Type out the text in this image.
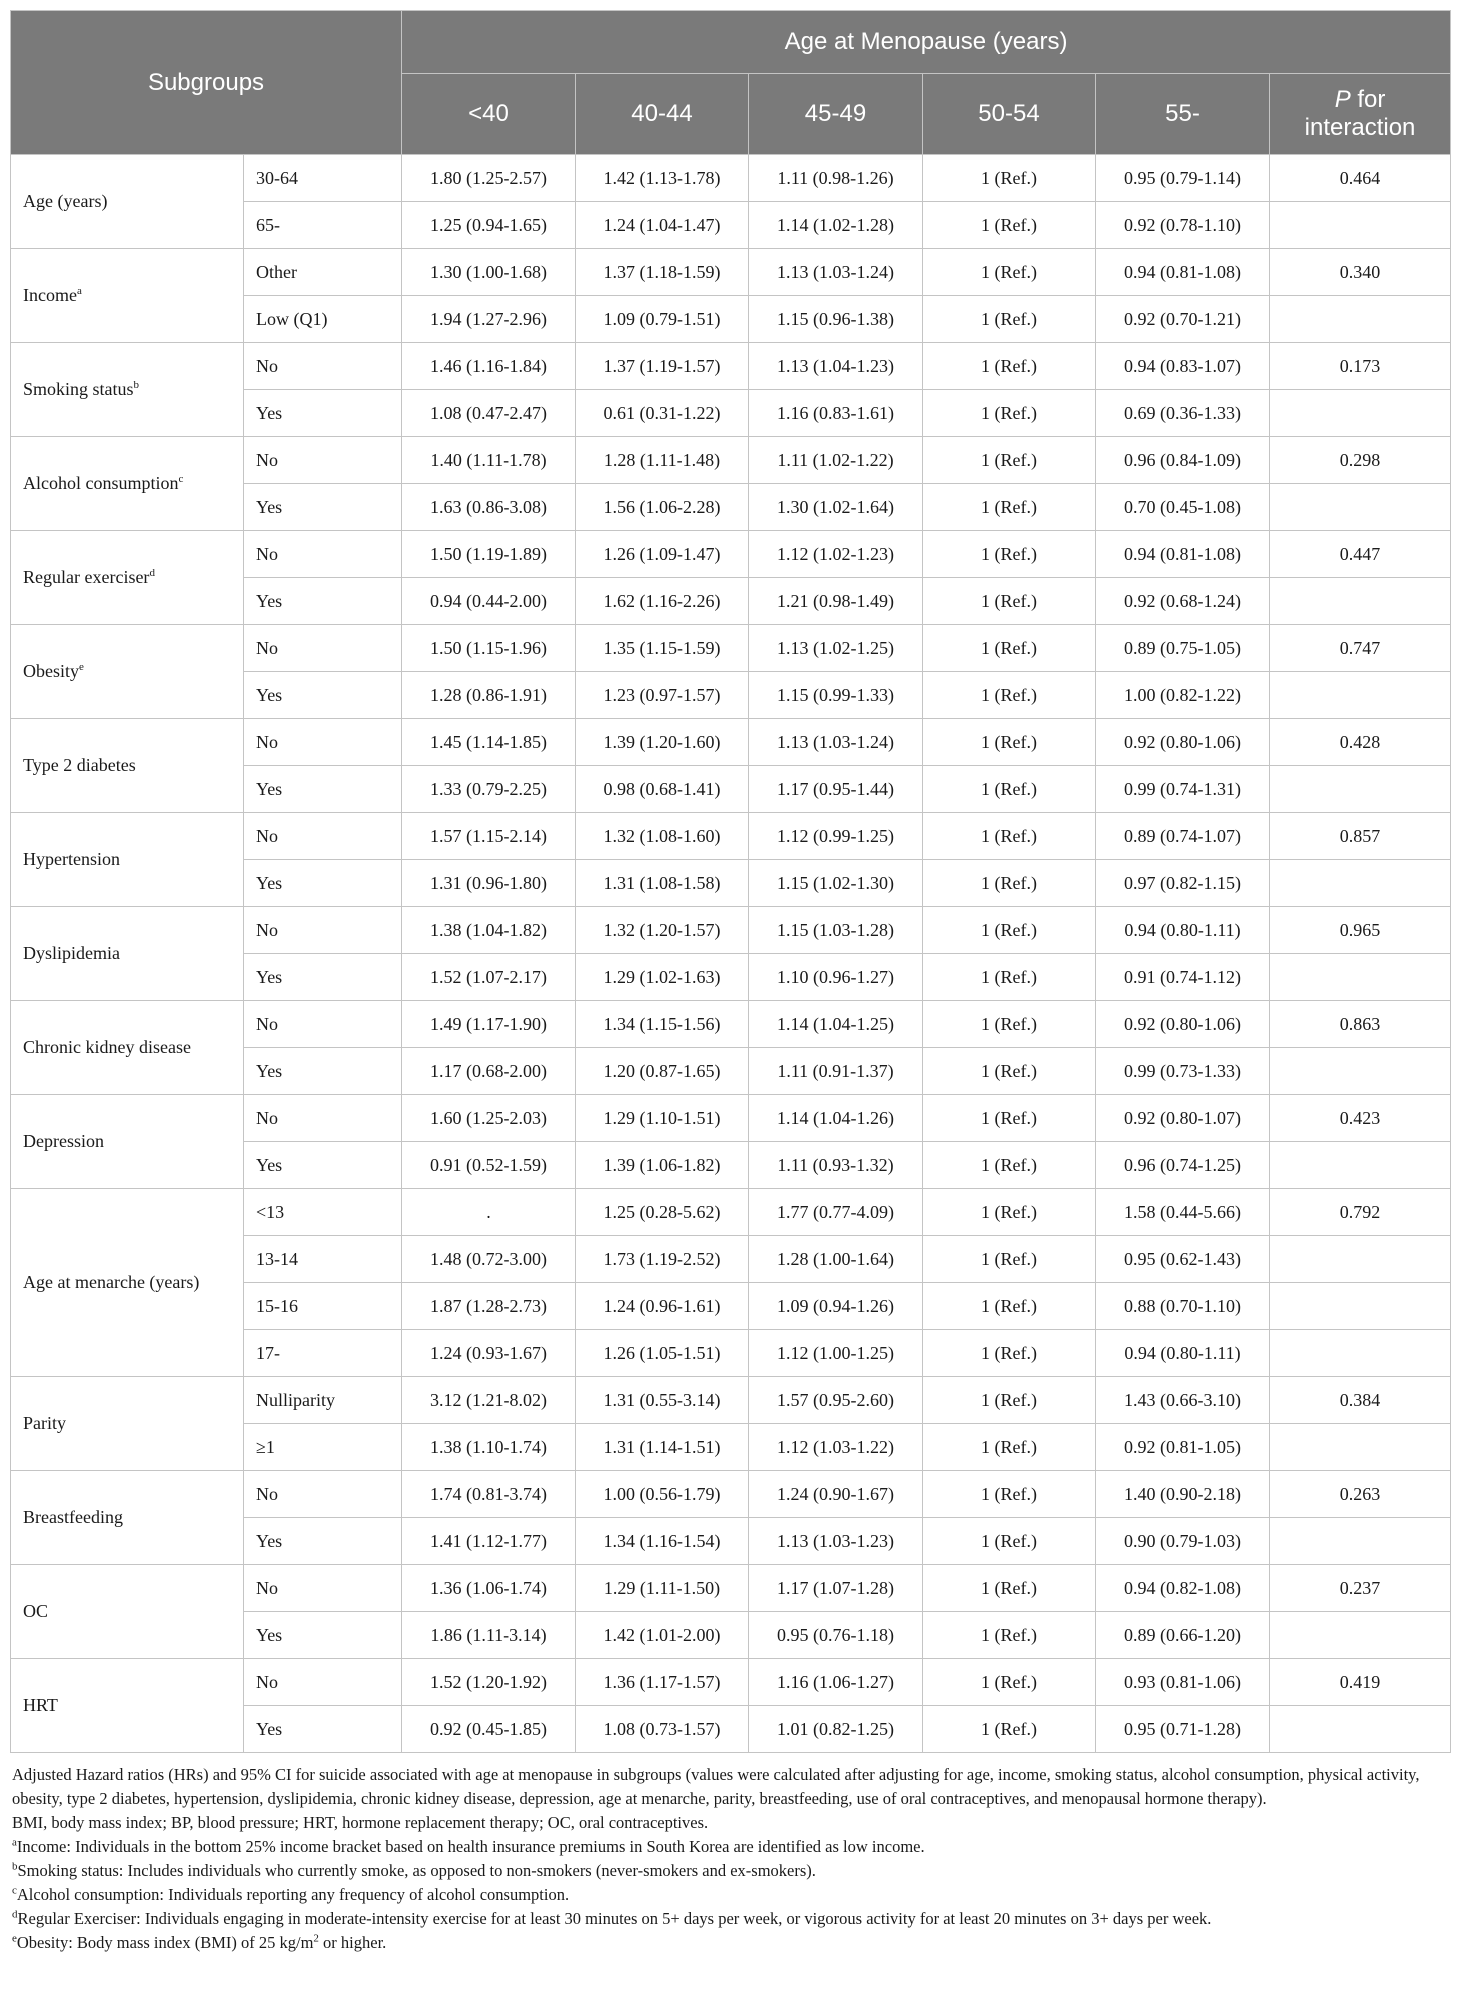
Subgroups		Age at Menopause (years)					
		<40	40-44	45-49	50-54	55-	P for
interaction
Age (years)	30-64	1.80 (1.25-2.57)	1.42 (1.13-1.78)	1.11 (0.98-1.26)	1 (Ref.)	0.95 (0.79-1.14)	0.464
	65-	1.25 (0.94-1.65)	1.24 (1.04-1.47)	1.14 (1.02-1.28)	1 (Ref.)	0.92 (0.78-1.10)	
Income$^a$	Other	1.30 (1.00-1.68)	1.37 (1.18-1.59)	1.13 (1.03-1.24)	1 (Ref.)	0.94 (0.81-1.08)	0.340
	Low (Q1)	1.94 (1.27-2.96)	1.09 (0.79-1.51)	1.15 (0.96-1.38)	1 (Ref.)	0.92 (0.70-1.21)	
Smoking status$^b$	No	1.46 (1.16-1.84)	1.37 (1.19-1.57)	1.13 (1.04-1.23)	1 (Ref.)	0.94 (0.83-1.07)	0.173
	Yes	1.08 (0.47-2.47)	0.61 (0.31-1.22)	1.16 (0.83-1.61)	1 (Ref.)	0.69 (0.36-1.33)	
Alcohol consumption$^c$	No	1.40 (1.11-1.78)	1.28 (1.11-1.48)	1.11 (1.02-1.22)	1 (Ref.)	0.96 (0.84-1.09)	0.298
	Yes	1.63 (0.86-3.08)	1.56 (1.06-2.28)	1.30 (1.02-1.64)	1 (Ref.)	0.70 (0.45-1.08)	
Regular exerciser$^d$	No	1.50 (1.19-1.89)	1.26 (1.09-1.47)	1.12 (1.02-1.23)	1 (Ref.)	0.94 (0.81-1.08)	0.447
	Yes	0.94 (0.44-2.00)	1.62 (1.16-2.26)	1.21 (0.98-1.49)	1 (Ref.)	0.92 (0.68-1.24)	
Obesity$^e$	No	1.50 (1.15-1.96)	1.35 (1.15-1.59)	1.13 (1.02-1.25)	1 (Ref.)	0.89 (0.75-1.05)	0.747
	Yes	1.28 (0.86-1.91)	1.23 (0.97-1.57)	1.15 (0.99-1.33)	1 (Ref.)	1.00 (0.82-1.22)	
Type 2 diabetes	No	1.45 (1.14-1.85)	1.39 (1.20-1.60)	1.13 (1.03-1.24)	1 (Ref.)	0.92 (0.80-1.06)	0.428
	Yes	1.33 (0.79-2.25)	0.98 (0.68-1.41)	1.17 (0.95-1.44)	1 (Ref.)	0.99 (0.74-1.31)	
Hypertension	No	1.57 (1.15-2.14)	1.32 (1.08-1.60)	1.12 (0.99-1.25)	1 (Ref.)	0.89 (0.74-1.07)	0.857
	Yes	1.31 (0.96-1.80)	1.31 (1.08-1.58)	1.15 (1.02-1.30)	1 (Ref.)	0.97 (0.82-1.15)	
Dyslipidemia	No	1.38 (1.04-1.82)	1.32 (1.20-1.57)	1.15 (1.03-1.28)	1 (Ref.)	0.94 (0.80-1.11)	0.965
	Yes	1.52 (1.07-2.17)	1.29 (1.02-1.63)	1.10 (0.96-1.27)	1 (Ref.)	0.91 (0.74-1.12)	
Chronic kidney disease	No	1.49 (1.17-1.90)	1.34 (1.15-1.56)	1.14 (1.04-1.25)	1 (Ref.)	0.92 (0.80-1.06)	0.863
	Yes	1.17 (0.68-2.00)	1.20 (0.87-1.65)	1.11 (0.91-1.37)	1 (Ref.)	0.99 (0.73-1.33)	
Depression	No	1.60 (1.25-2.03)	1.29 (1.10-1.51)	1.14 (1.04-1.26)	1 (Ref.)	0.92 (0.80-1.07)	0.423
	Yes	0.91 (0.52-1.59)	1.39 (1.06-1.82)	1.11 (0.93-1.32)	1 (Ref.)	0.96 (0.74-1.25)	
Age at menarche (years)	<13	.	1.25 (0.28-5.62)	1.77 (0.77-4.09)	1 (Ref.)	1.58 (0.44-5.66)	0.792
	13-14	1.48 (0.72-3.00)	1.73 (1.19-2.52)	1.28 (1.00-1.64)	1 (Ref.)	0.95 (0.62-1.43)	
	15-16	1.87 (1.28-2.73)	1.24 (0.96-1.61)	1.09 (0.94-1.26)	1 (Ref.)	0.88 (0.70-1.10)	
	17-	1.24 (0.93-1.67)	1.26 (1.05-1.51)	1.12 (1.00-1.25)	1 (Ref.)	0.94 (0.80-1.11)	
Parity	Nulliparity	3.12 (1.21-8.02)	1.31 (0.55-3.14)	1.57 (0.95-2.60)	1 (Ref.)	1.43 (0.66-3.10)	0.384
	≥1	1.38 (1.10-1.74)	1.31 (1.14-1.51)	1.12 (1.03-1.22)	1 (Ref.)	0.92 (0.81-1.05)	
Breastfeeding	No	1.74 (0.81-3.74)	1.00 (0.56-1.79)	1.24 (0.90-1.67)	1 (Ref.)	1.40 (0.90-2.18)	0.263
	Yes	1.41 (1.12-1.77)	1.34 (1.16-1.54)	1.13 (1.03-1.23)	1 (Ref.)	0.90 (0.79-1.03)	
OC	No	1.36 (1.06-1.74)	1.29 (1.11-1.50)	1.17 (1.07-1.28)	1 (Ref.)	0.94 (0.82-1.08)	0.237
	Yes	1.86 (1.11-3.14)	1.42 (1.01-2.00)	0.95 (0.76-1.18)	1 (Ref.)	0.89 (0.66-1.20)	
HRT	No	1.52 (1.20-1.92)	1.36 (1.17-1.57)	1.16 (1.06-1.27)	1 (Ref.)	0.93 (0.81-1.06)	0.419
	Yes	0.92 (0.45-1.85)	1.08 (0.73-1.57)	1.01 (0.82-1.25)	1 (Ref.)	0.95 (0.71-1.28)	

Adjusted Hazard ratios (HRs) and 95% CI for suicide associated with age at menopause in subgroups (values were calculated after adjusting for age, income, smoking status, alcohol consumption, physical activity, obesity, type 2 diabetes, hypertension, dyslipidemia, chronic kidney disease, depression, age at menarche, parity, breastfeeding, use of oral contraceptives, and menopausal hormone therapy).

BMI, body mass index; BP, blood pressure; HRT, hormone replacement therapy; OC, oral contraceptives.

$^a$Income: Individuals in the bottom 25% income bracket based on health insurance premiums in South Korea are identified as low income.

$^b$Smoking status: Includes individuals who currently smoke, as opposed to non-smokers (never-smokers and ex-smokers).

$^c$Alcohol consumption: Individuals reporting any frequency of alcohol consumption.

$^d$Regular Exerciser: Individuals engaging in moderate-intensity exercise for at least 30 minutes on 5+ days per week, or vigorous activity for at least 20 minutes on 3+ days per week.

$^e$Obesity: Body mass index (BMI) of 25 $kg/m^2$ or higher.
